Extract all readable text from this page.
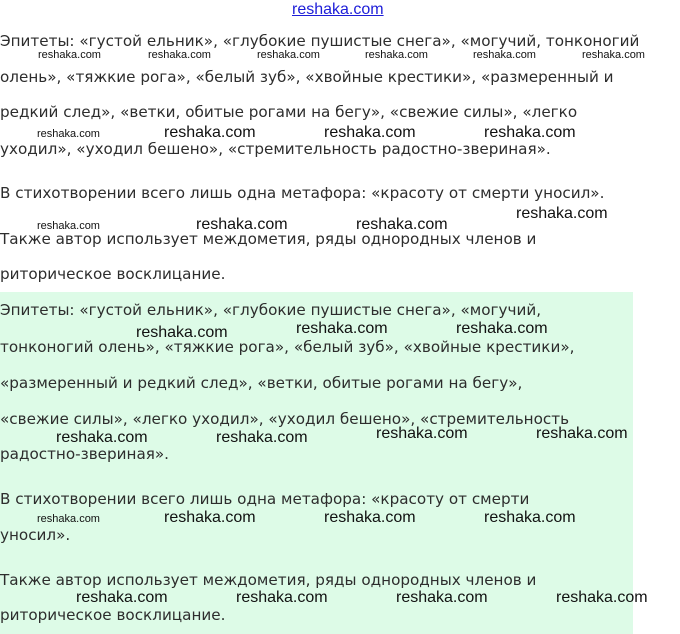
reshaka.com
Эпитеты: «густой ельник», «глубокие пушистые снега», «могучий, тонконогий
олень», «тяжкие рога», «белый зуб», «хвойные крестики», «размеренный и
редкий след», «ветки, обитые рогами на бегу», «свежие силы», «легко
уходил», «уходил бешено», «стремительность радостно-звериная».
В стихотворении всего лишь одна метафора: «красоту от смерти уносил».
Также автор использует междометия, ряды однородных членов и
риторическое восклицание.
reshaka.com	reshaka.com	reshaka.com	reshaka.com	reshaka.com	reshaka.com
reshaka.com	reshaka.com	reshaka.com	reshaka.com
reshaka.com
reshaka.com	reshaka.com	reshaka.com
Эпитеты: «густой ельник», «глубокие пушистые снега», «могучий,
тонконогий олень», «тяжкие рога», «белый зуб», «хвойные крестики»,
«размеренный и редкий след», «ветки, обитые рогами на бегу»,
«свежие силы», «легко уходил», «уходил бешено», «стремительность
радостно-звериная».
В стихотворении всего лишь одна метафора: «красоту от смерти
уносил».
Также автор использует междометия, ряды однородных членов и
риторическое восклицание.
reshaka.com	reshaka.com	reshaka.com
reshaka.com	reshaka.com	reshaka.com	reshaka.com
reshaka.com	reshaka.com	reshaka.com	reshaka.com
reshaka.com	reshaka.com	reshaka.com	reshaka.com
